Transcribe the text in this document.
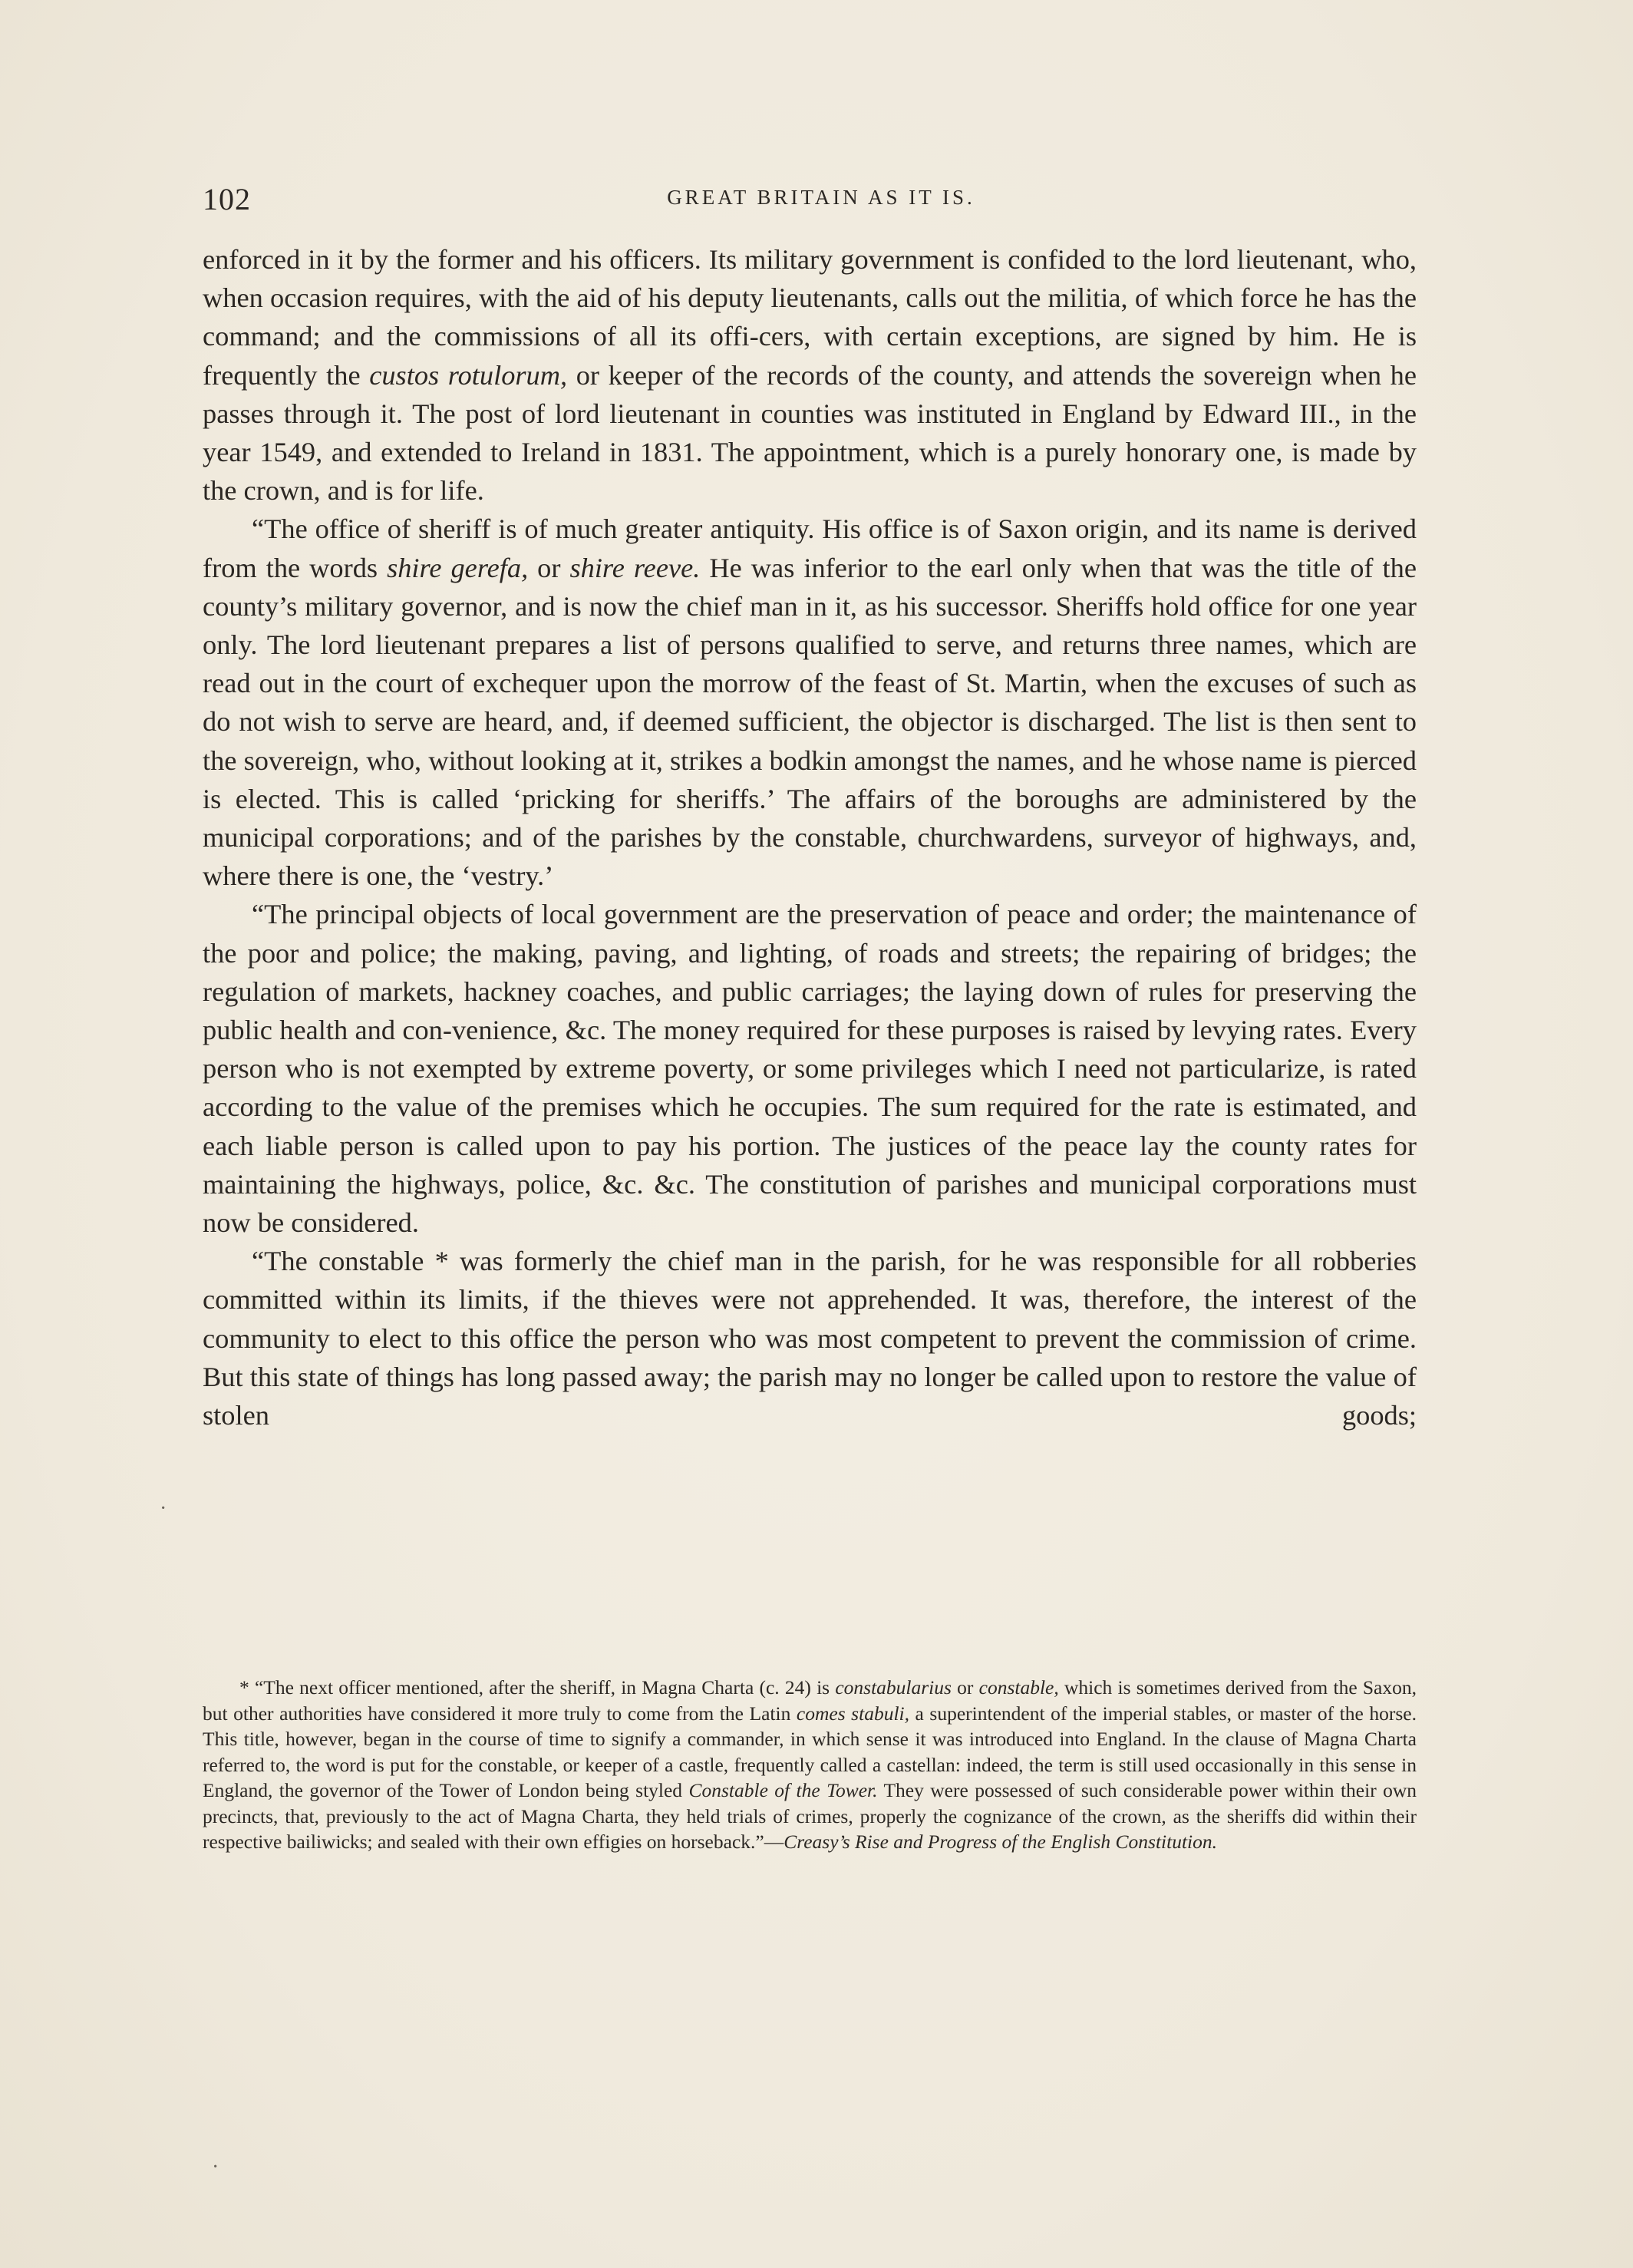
102	GREAT BRITAIN AS IT IS.

enforced in it by the former and his officers. Its military government is confided to the lord lieutenant, who, when occasion requires, with the aid of his deputy lieutenants, calls out the militia, of which force he has the command; and the commissions of all its offi-cers, with certain exceptions, are signed by him. He is frequently the custos rotulorum, or keeper of the records of the county, and attends the sovereign when he passes through it. The post of lord lieutenant in counties was instituted in England by Edward III., in the year 1549, and extended to Ireland in 1831. The appointment, which is a purely honorary one, is made by the crown, and is for life.

“The office of sheriff is of much greater antiquity. His office is of Saxon origin, and its name is derived from the words shire gerefa, or shire reeve. He was inferior to the earl only when that was the title of the county’s military governor, and is now the chief man in it, as his successor. Sheriffs hold office for one year only. The lord lieutenant prepares a list of persons qualified to serve, and returns three names, which are read out in the court of exchequer upon the morrow of the feast of St. Martin, when the excuses of such as do not wish to serve are heard, and, if deemed sufficient, the objector is discharged. The list is then sent to the sovereign, who, without looking at it, strikes a bodkin amongst the names, and he whose name is pierced is elected. This is called ‘pricking for sheriffs.’ The affairs of the boroughs are administered by the municipal corporations; and of the parishes by the constable, churchwardens, surveyor of highways, and, where there is one, the ‘vestry.’

“The principal objects of local government are the preservation of peace and order; the maintenance of the poor and police; the making, paving, and lighting, of roads and streets; the repairing of bridges; the regulation of markets, hackney coaches, and public carriages; the laying down of rules for preserving the public health and con-venience, &c. The money required for these purposes is raised by levying rates. Every person who is not exempted by extreme poverty, or some privileges which I need not particularize, is rated according to the value of the premises which he occupies. The sum required for the rate is estimated, and each liable person is called upon to pay his portion. The justices of the peace lay the county rates for maintaining the highways, police, &c. &c. The constitution of parishes and municipal corporations must now be considered.

“The constable * was formerly the chief man in the parish, for he was responsible for all robberies committed within its limits, if the thieves were not apprehended. It was, therefore, the interest of the community to elect to this office the person who was most competent to prevent the commission of crime. But this state of things has long passed away; the parish may no longer be called upon to restore the value of stolen goods;

·
·

* “The next officer mentioned, after the sheriff, in Magna Charta (c. 24) is constabularius or constable, which is sometimes derived from the Saxon, but other authorities have considered it more truly to come from the Latin comes stabuli, a superintendent of the imperial stables, or master of the horse. This title, however, began in the course of time to signify a commander, in which sense it was introduced into England. In the clause of Magna Charta referred to, the word is put for the constable, or keeper of a castle, frequently called a castellan: indeed, the term is still used occasionally in this sense in England, the governor of the Tower of London being styled Constable of the Tower. They were possessed of such considerable power within their own precincts, that, previously to the act of Magna Charta, they held trials of crimes, properly the cognizance of the crown, as the sheriffs did within their respective bailiwicks; and sealed with their own effigies on horseback.”—Creasy’s Rise and Progress of the English Constitution.
